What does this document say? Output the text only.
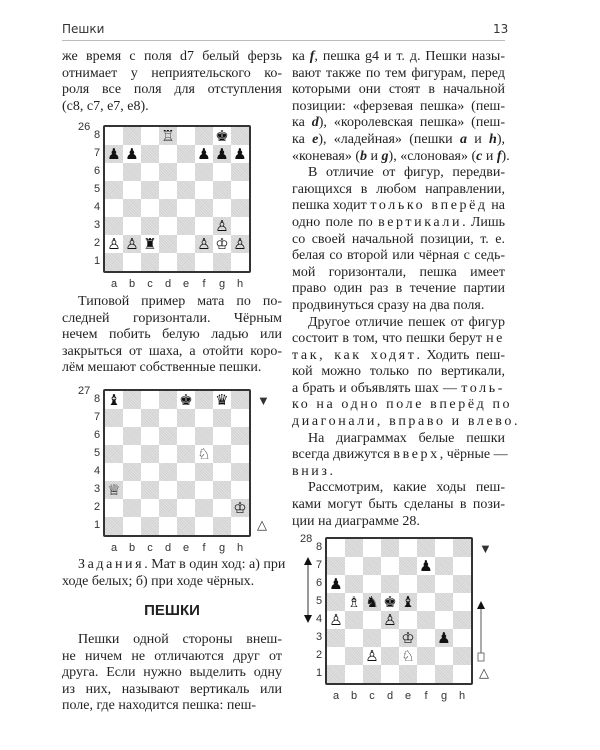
Пешки	13
же время с поля d7 белый ферзь
отнимает у неприятельского ко-
роля все поля для отступления
(c8, c7, e7, e8).
♖	♚
♟ ♟	♟ ♟ ♟
♙
♙ ♙ ♜	♙ ♔ ♙
26
8
7
6
5
4
3
2
1
a	b	c	d	e	f	g	h
Типовой пример мата по по-
следней горизонтали. Чёрным
нечем побить белую ладью или
закрыться от шаха, а отойти коро-
лём мешают собственные пешки.
♝	♚ ♛
♘
♕
♔
27
8
7
6
5
4
3
2
1
a	b	c	d	e	f	g	h
▼
△
Задания. Мат в один ход: а) при
ходе белых; б) при ходе чёрных.
ПЕШКИ
Пешки одной стороны внеш-
не ничем не отличаются друг от
друга. Если нужно выделить одну
из них, называют вертикаль или
поле, где находится пешка: пеш-
ка f, пешка g4 и т. д. Пешки назы-
вают также по тем фигурам, перед
которыми они стоят в начальной
позиции: «ферзевая пешка» (пеш-
ка d), «королевская пешка» (пеш-
ка e), «ладейная» (пешки a и h),
«коневая» (b и g), «слоновая» (c и f).
В отличие от фигур, передви-
гающихся в любом направлении,
пешка ходит только вперёд на
одно поле по вертикали. Лишь
со своей начальной позиции, т. е.
белая со второй или чёрная с седь-
мой горизонтали, пешка имеет
право один раз в течение партии
продвинуться сразу на два поля.
Другое отличие пешек от фигур
состоит в том, что пешки берут не
так, как ходят. Ходить пеш-
кой можно только по вертикали,
а брать и объявлять шах — толь-
ко на одно поле вперёд по
диагонали, вправо и влево.
На диаграммах белые пешки
всегда движутся вверх, чёрные —
вниз.
Рассмотрим, какие ходы пеш-
ками могут быть сделаны в пози-
ции на диаграмме 28.
♟
♟
♗ ♞ ♚ ♝
♙	♙
♔ ♟
♙ ♘
28
8
7
6
5
4
3
2
1
a	b	c	d	e	f	g	h
▼
△
